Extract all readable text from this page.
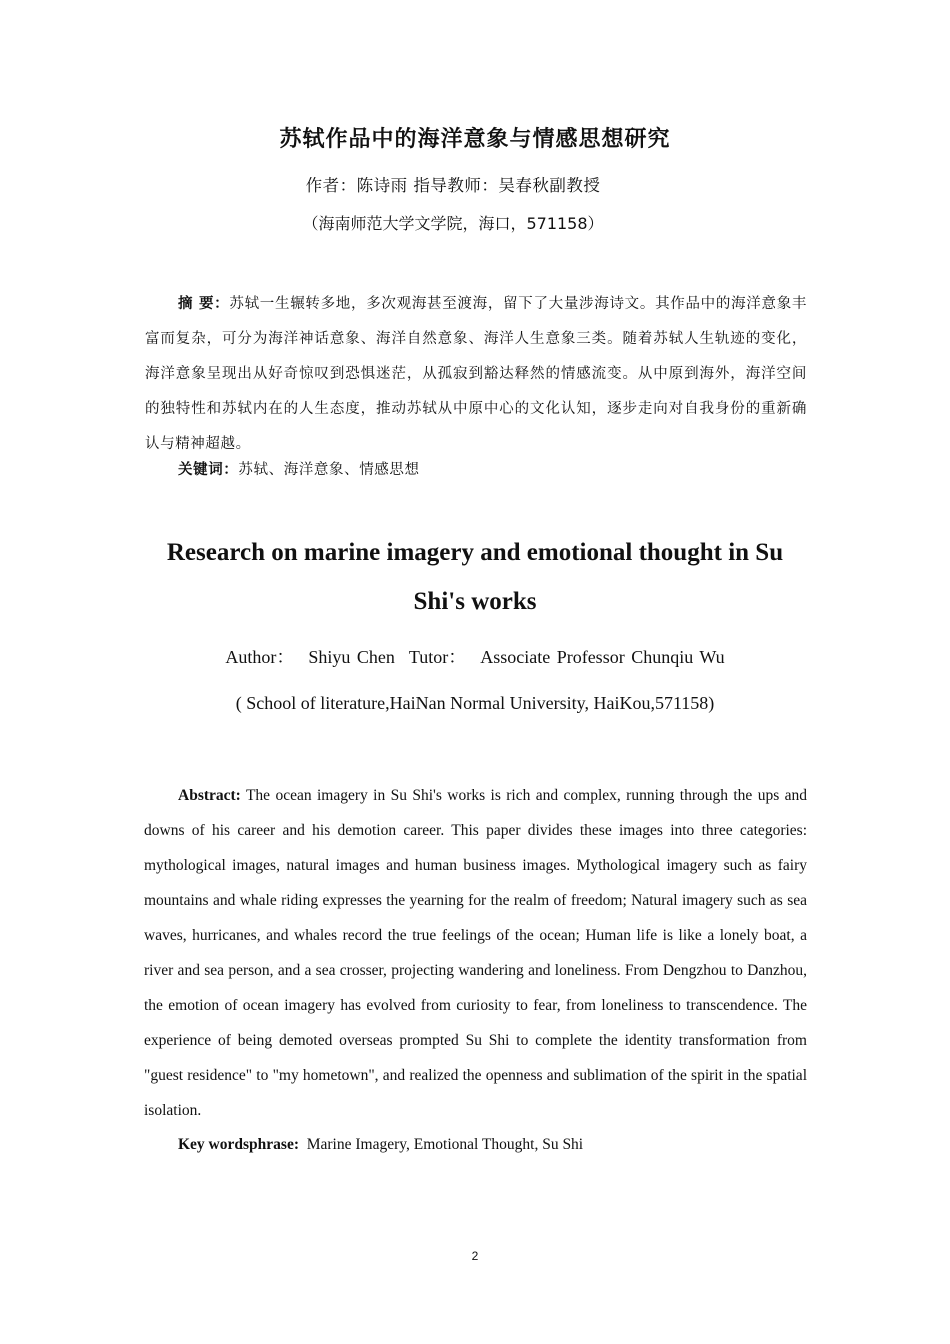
苏轼作品中的海洋意象与情感思想研究
作者：陈诗雨 指导教师：吴春秋副教授
（海南师范大学文学院，海口，571158）
摘 要：苏轼一生辗转多地，多次观海甚至渡海，留下了大量涉海诗文。其作品中的海洋意象丰富而复杂，可分为海洋神话意象、海洋自然意象、海洋人生意象三类。随着苏轼人生轨迹的变化，海洋意象呈现出从好奇惊叹到恐惧迷茫，从孤寂到豁达释然的情感流变。从中原到海外，海洋空间的独特性和苏轼内在的人生态度，推动苏轼从中原中心的文化认知，逐步走向对自我身份的重新确认与精神超越。
关键词：苏轼、海洋意象、情感思想
Research on marine imagery and emotional thought in Su Shi's works
Author： Shiyu Chen Tutor： Associate Professor Chunqiu Wu
( School of literature,HaiNan Normal University, HaiKou,571158)
Abstract: The ocean imagery in Su Shi's works is rich and complex, running through the ups and downs of his career and his demotion career. This paper divides these images into three categories: mythological images, natural images and human business images. Mythological imagery such as fairy mountains and whale riding expresses the yearning for the realm of freedom; Natural imagery such as sea waves, hurricanes, and whales record the true feelings of the ocean; Human life is like a lonely boat, a river and sea person, and a sea crosser, projecting wandering and loneliness. From Dengzhou to Danzhou, the emotion of ocean imagery has evolved from curiosity to fear, from loneliness to transcendence. The experience of being demoted overseas prompted Su Shi to complete the identity transformation from "guest residence" to "my hometown", and realized the openness and sublimation of the spirit in the spatial isolation.
Key wordsphrase: Marine Imagery, Emotional Thought, Su Shi
2
